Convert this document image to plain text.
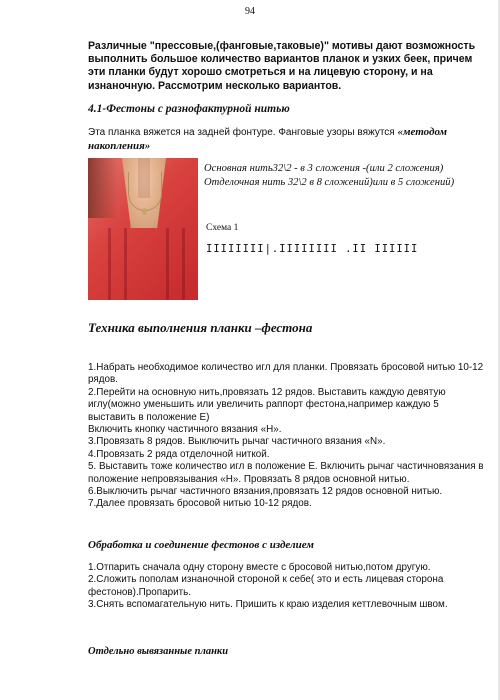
94
Различные "прессовые,(фанговые,таковые)" мотивы дают возможность выполнить большое количество вариантов планок и узких беек, причем эти планки будут хорошо смотреться и на лицевую сторону, и на изнаночную. Рассмотрим несколько вариантов.
4.1-Фестоны с разнофактурной нитью
Эта планка вяжется на задней фонтуре. Фанговые узоры вяжутся «методом накопления»
Основная нить32\2 - в 3 сложения -(или 2 сложения)
Отделочная нить 32\2 в 8 сложений)или в 5 сложений)
Схема 1
IIIIIIII|.IIIIIIII .II IIIIII
Техника выполнения планки –фестона
1.Набрать необходимое количество игл для планки. Провязать бросовой нитью 10-12 рядов.
2.Перейти на основную нить,провязать 12 рядов. Выставить каждую девятую иглу(можно уменьшить или увеличить раппорт фестона,например каждую 5 выставить в положение Е)
Включить кнопку частичного вязания «Н».
3.Провязать 8 рядов. Выключить рычаг частичного вязания «N».
4.Провязать 2 ряда отделочной ниткой.
5. Выставить тоже количество игл в положение Е. Включить рычаг частичновязания в положение непровязывания «Н». Провязать 8 рядов основной нитью.
6.Выключить рычаг частичного вязания,провязать 12 рядов основной нитью.
7.Далее провязать бросовой нитью 10-12 рядов.
Обработка и соединение фестонов с изделием
1.Отпарить сначала одну сторону вместе с бросовой нитью,потом другую.
2.Сложить пополам изнаночной стороной к себе( это и есть лицевая сторона фестонов).Пропарить.
3.Снять вспомагательную нить. Пришить к краю изделия кеттлевочным швом.
Отдельно вывязанные планки
